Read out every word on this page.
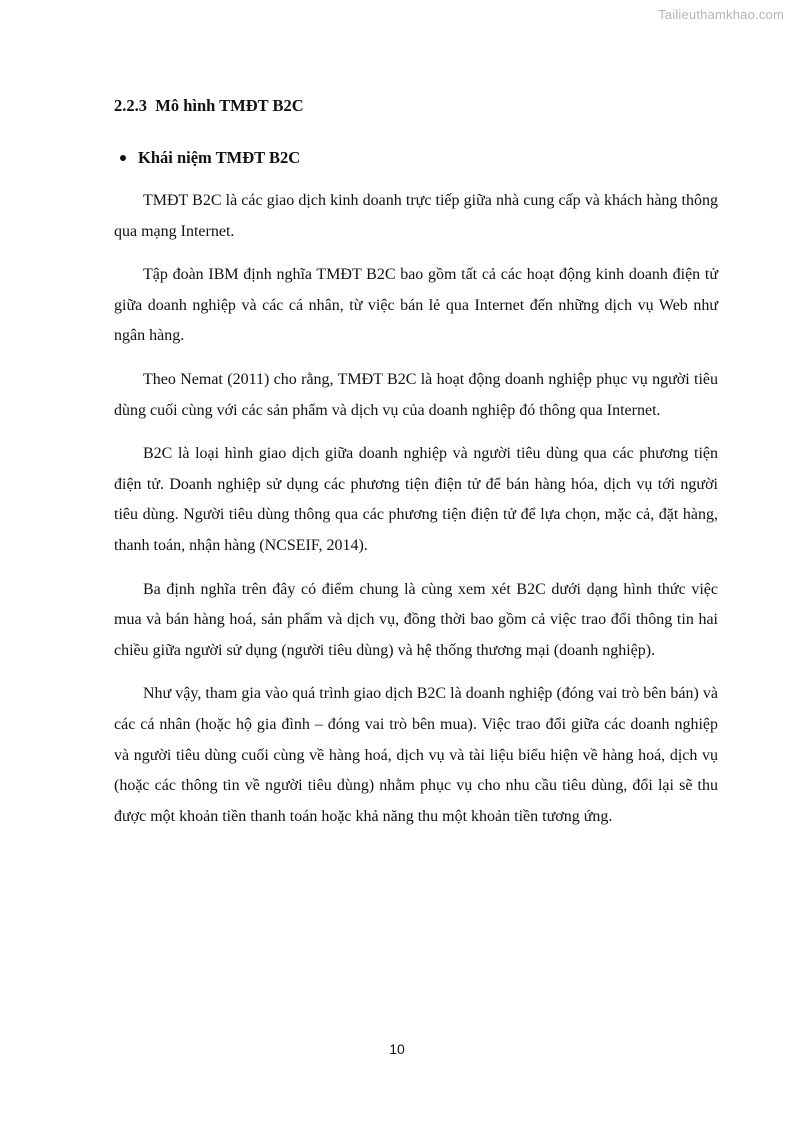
Tailieuthamkhao.com
2.2.3  Mô hình TMĐT B2C
Khái niệm TMĐT B2C

TMĐT B2C là các giao dịch kinh doanh trực tiếp giữa nhà cung cấp và khách hàng thông qua mạng Internet.

Tập đoàn IBM định nghĩa TMĐT B2C bao gồm tất cả các hoạt động kinh doanh điện tử giữa doanh nghiệp và các cá nhân, từ việc bán lẻ qua Internet đến những dịch vụ Web như ngân hàng.

Theo Nemat (2011) cho rằng, TMĐT B2C là hoạt động doanh nghiệp phục vụ người tiêu dùng cuối cùng với các sản phẩm và dịch vụ của doanh nghiệp đó thông qua Internet.

B2C là loại hình giao dịch giữa doanh nghiệp và người tiêu dùng qua các phương tiện điện tử. Doanh nghiệp sử dụng các phương tiện điện tử để bán hàng hóa, dịch vụ tới người tiêu dùng. Người tiêu dùng thông qua các phương tiện điện tử để lựa chọn, mặc cả, đặt hàng, thanh toán, nhận hàng (NCSEIF, 2014).

Ba định nghĩa trên đây có điểm chung là cùng xem xét B2C dưới dạng hình thức việc mua và bán hàng hoá, sản phẩm và dịch vụ, đồng thời bao gồm cả việc trao đổi thông tin hai chiều giữa người sử dụng (người tiêu dùng) và hệ thống thương mại (doanh nghiệp).

Như vậy, tham gia vào quá trình giao dịch B2C là doanh nghiệp (đóng vai trò bên bán) và các cá nhân (hoặc hộ gia đình – đóng vai trò bên mua). Việc trao đổi giữa các doanh nghiệp và người tiêu dùng cuối cùng về hàng hoá, dịch vụ và tài liệu biểu hiện về hàng hoá, dịch vụ (hoặc các thông tin về người tiêu dùng) nhằm phục vụ cho nhu cầu tiêu dùng, đổi lại sẽ thu được một khoản tiền thanh toán hoặc khả năng thu một khoản tiền tương ứng.

10
